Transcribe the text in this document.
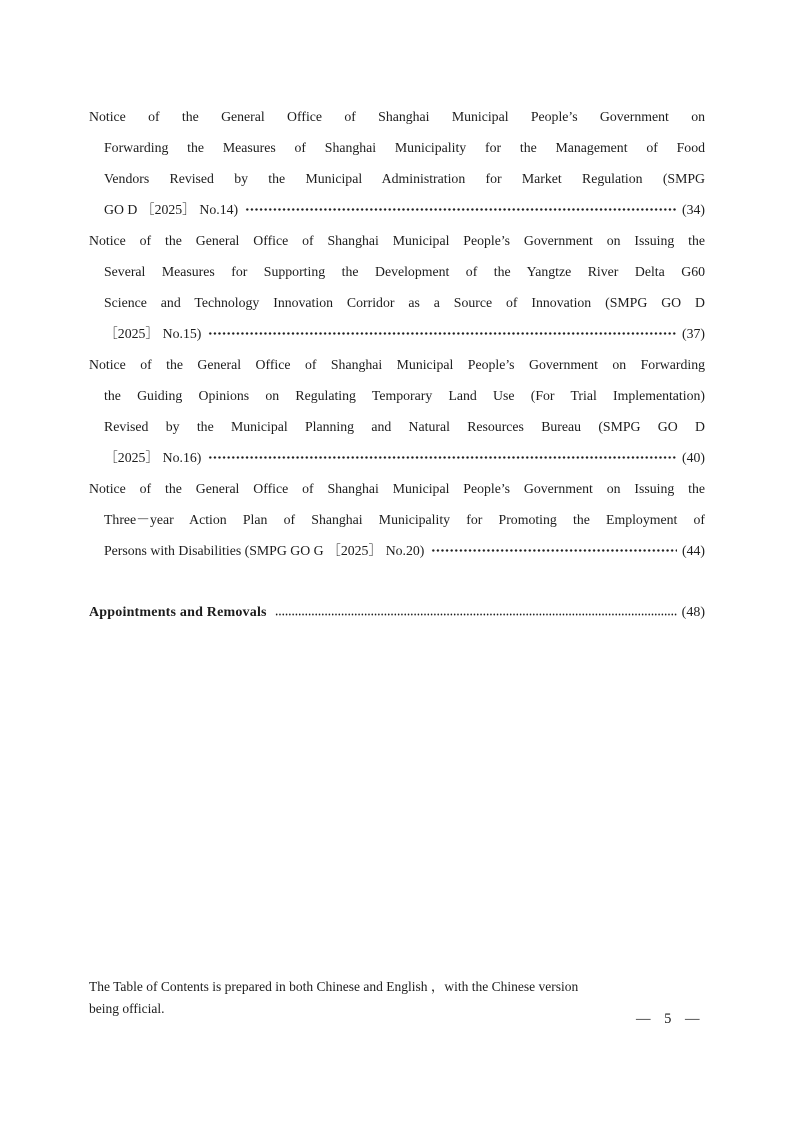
Notice of the General Office of Shanghai Municipal People’s Government on
Forwarding the Measures of Shanghai Municipality for the Management of Food
Vendors Revised by the Municipal Administration for Market Regulation (SMPG
GO D ［2025］ No.14)	(34)
Notice of the General Office of Shanghai Municipal People’s Government on Issuing the
Several Measures for Supporting the Development of the Yangtze River Delta G60
Science and Technology Innovation Corridor as a Source of Innovation (SMPG GO D
［2025］ No.15)	(37)
Notice of the General Office of Shanghai Municipal People’s Government on Forwarding
the Guiding Opinions on Regulating Temporary Land Use (For Trial Implementation)
Revised by the Municipal Planning and Natural Resources Bureau (SMPG GO D
［2025］ No.16)	(40)
Notice of the General Office of Shanghai Municipal People’s Government on Issuing the
Three－year Action Plan of Shanghai Municipality for Promoting the Employment of
Persons with Disabilities (SMPG GO G ［2025］ No.20)	(44)
Appointments and Removals	(48)
The Table of Contents is prepared in both Chinese and English ，with the Chinese version
being official.
— 5 —
